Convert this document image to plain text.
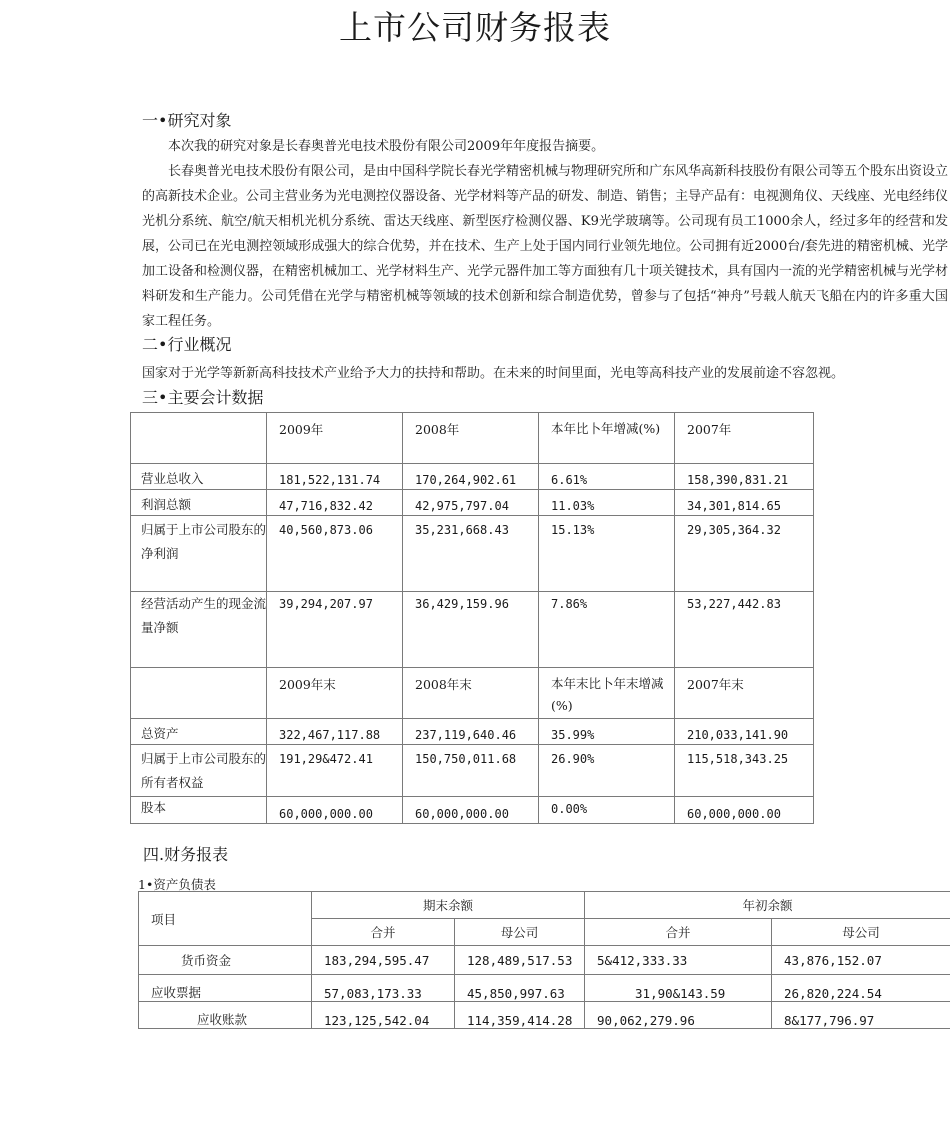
上市公司财务报表
一•研究对象
本次我的研究对象是长春奥普光电技术股份有限公司2009年年度报告摘要。
长春奥普光电技术股份有限公司，是由中国科学院长春光学精密机械与物理研究所和广东风华高新科技股份有限公司等五个股东出资设立的高新技术企业。公司主营业务为光电测控仪器设备、光学材料等产品的研发、制造、销售；主导产品有：电视测角仪、天线座、光电经纬仪光机分系统、航空/航天相机光机分系统、雷达天线座、新型医疗检测仪器、K9光学玻璃等。公司现有员工1000余人，经过多年的经营和发展，公司已在光电测控领域形成强大的综合优势，并在技术、生产上处于国内同行业领先地位。公司拥有近2000台/套先进的精密机械、光学加工设备和检测仪器，在精密机械加工、光学材料生产、光学元器件加工等方面独有几十项关键技术，具有国内一流的光学精密机械与光学材料研发和生产能力。公司凭借在光学与精密机械等领域的技术创新和综合制造优势，曾参与了包括“神舟”号载人航天飞船在内的许多重大国家工程任务。
二•行业概况
国家对于光学等新新高科技技术产业给予大力的扶持和帮助。在未来的时间里面，光电等高科技产业的发展前途不容忽视。
三•主要会计数据

	2009年	2008年	本年比卜年增减(%)	2007年

营业总收入	181,522,131.74	170,264,902.61	6.61%	158,390,831.21

利润总额	47,716,832.42	42,975,797.04	11.03%	34,301,814.65

归属于上市公司股东的净利润	40,560,873.06	35,231,668.43	15.13%	29,305,364.32

经营活动产生的现金流量净额	39,294,207.97	36,429,159.96	7.86%	53,227,442.83

	2009年末	2008年末	本年末比卜年末增减(%)	2007年末

总资产	322,467,117.88	237,119,640.46	35.99%	210,033,141.90

归属于上市公司股东的所有者权益	191,29&472.41	150,750,011.68	26.90%	115,518,343.25

股本	60,000,000.00	60,000,000.00	0.00%	60,000,000.00
四.财务报表
1•资产负债表
项目	期末余额		年初余额	
	合并	母公司	合并	母公司
货币资金	183,294,595.47	128,489,517.53	5&412,333.33	43,876,152.07
应收票据	57,083,173.33	45,850,997.63	31,90&143.59	26,820,224.54
应收账款	123,125,542.04	114,359,414.28	90,062,279.96	8&177,796.97
